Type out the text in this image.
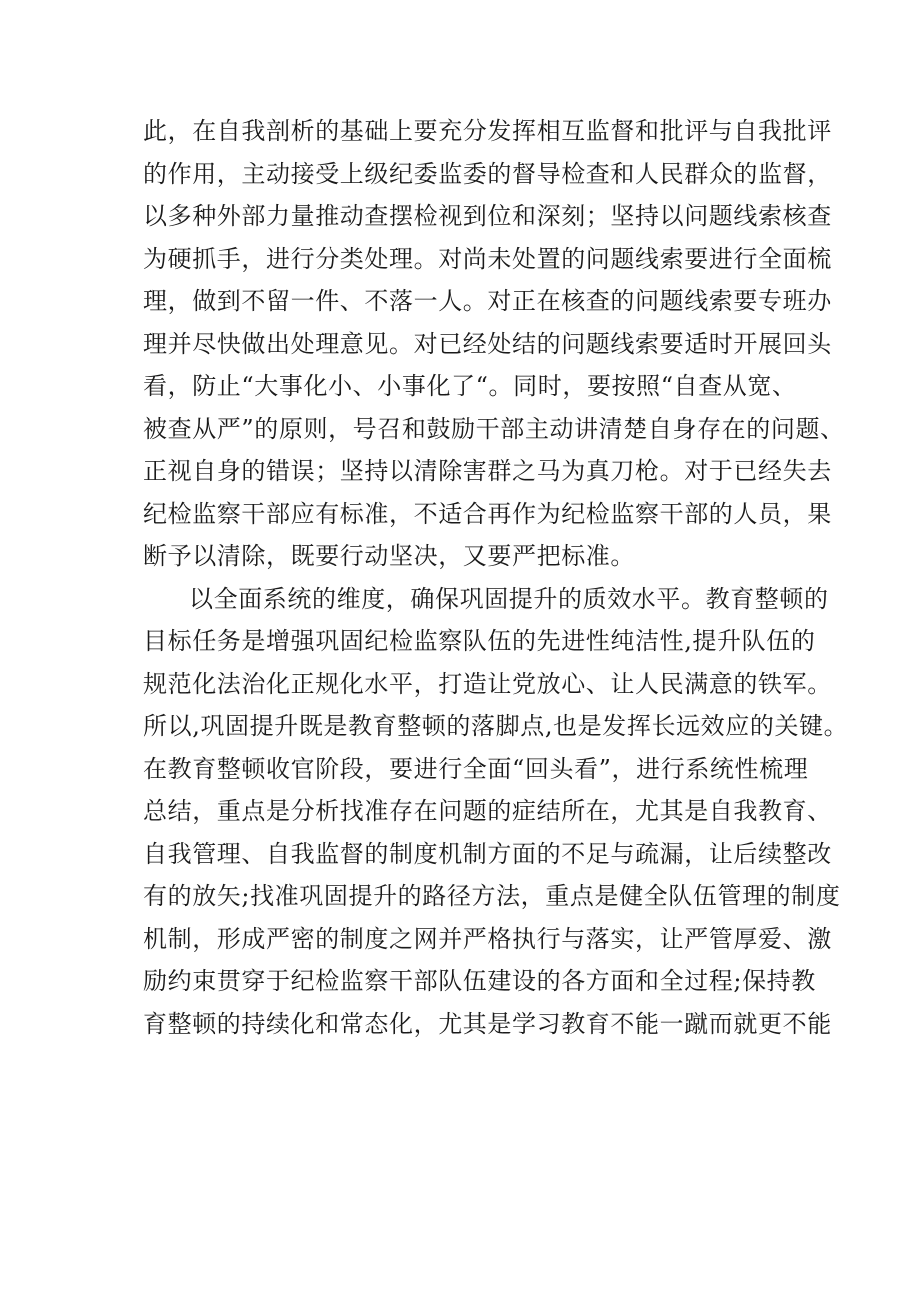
此，在自我剖析的基础上要充分发挥相互监督和批评与自我批评

的作用，主动接受上级纪委监委的督导检查和人民群众的监督，

以多种外部力量推动查摆检视到位和深刻；坚持以问题线索核查

为硬抓手，进行分类处理。对尚未处置的问题线索要进行全面梳

理，做到不留一件、不落一人。对正在核查的问题线索要专班办

理并尽快做出处理意见。对已经处结的问题线索要适时开展回头

看，防止“大事化小、小事化了“。同时，要按照“自查从宽、

被查从严”的原则，号召和鼓励干部主动讲清楚自身存在的问题、

正视自身的错误；坚持以清除害群之马为真刀枪。对于已经失去

纪检监察干部应有标准，不适合再作为纪检监察干部的人员，果

断予以清除，既要行动坚决，又要严把标准。

以全面系统的维度，确保巩固提升的质效水平。教育整顿的

目标任务是增强巩固纪检监察队伍的先进性纯洁性,提升队伍的

规范化法治化正规化水平，打造让党放心、让人民满意的铁军。

所以,巩固提升既是教育整顿的落脚点,也是发挥长远效应的关键。

在教育整顿收官阶段，要进行全面“回头看”，进行系统性梳理

总结，重点是分析找准存在问题的症结所在，尤其是自我教育、

自我管理、自我监督的制度机制方面的不足与疏漏，让后续整改

有的放矢;找准巩固提升的路径方法，重点是健全队伍管理的制度

机制，形成严密的制度之网并严格执行与落实，让严管厚爱、激

励约束贯穿于纪检监察干部队伍建设的各方面和全过程;保持教

育整顿的持续化和常态化，尤其是学习教育不能一蹴而就更不能
